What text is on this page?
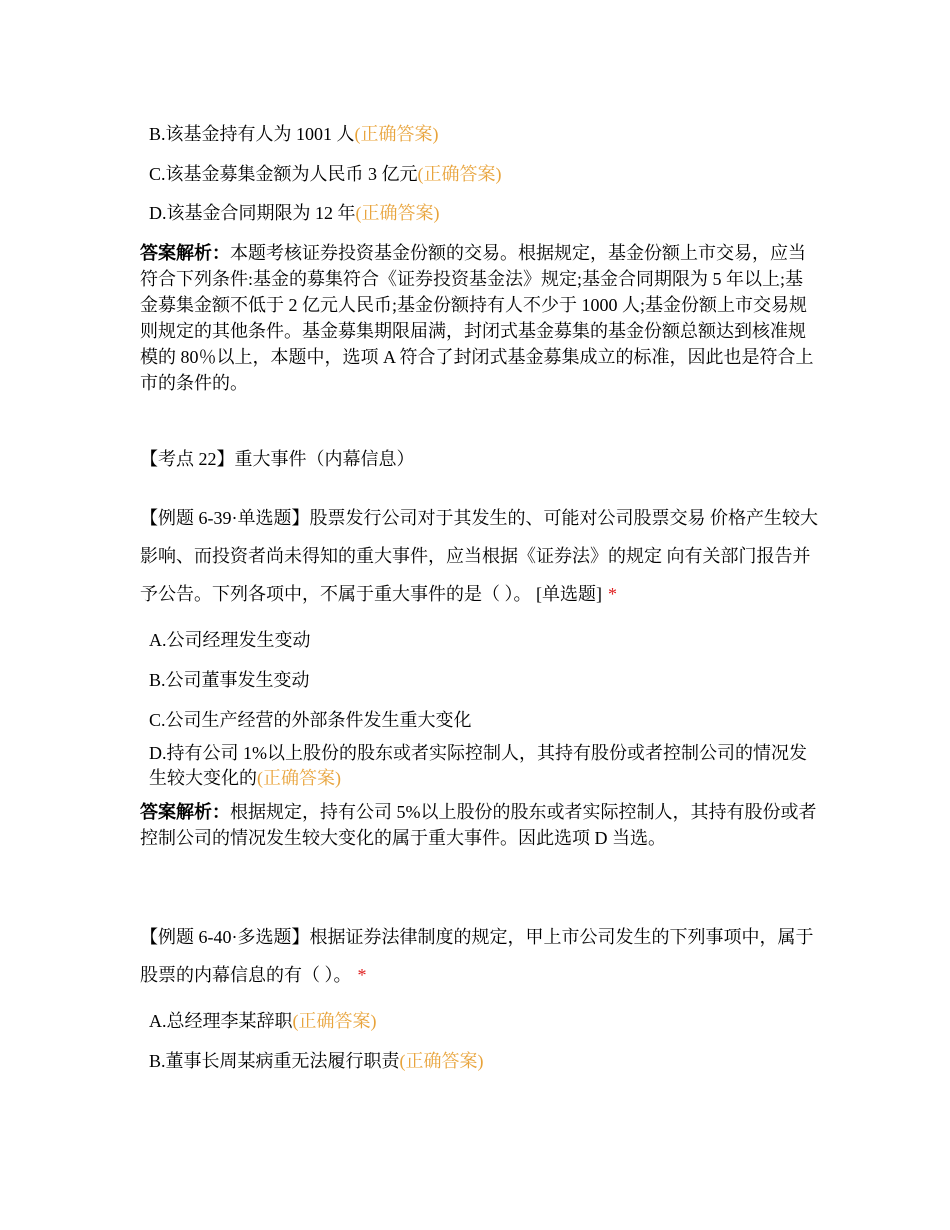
B.该基金持有人为 1001 人(正确答案)
C.该基金募集金额为人民币 3 亿元(正确答案)
D.该基金合同期限为 12 年(正确答案)
答案解析：本题考核证券投资基金份额的交易。根据规定，基金份额上市交易，应当符合下列条件:基金的募集符合《证券投资基金法》规定;基金合同期限为 5 年以上;基金募集金额不低于 2 亿元人民币;基金份额持有人不少于 1000 人;基金份额上市交易规则规定的其他条件。基金募集期限届满，封闭式基金募集的基金份额总额达到核准规模的 80％以上，本题中，选项 A 符合了封闭式基金募集成立的标准，因此也是符合上市的条件的。
【考点 22】重大事件（内幕信息）
【例题 6-39·单选题】股票发行公司对于其发生的、可能对公司股票交易 价格产生较大影响、而投资者尚未得知的重大事件，应当根据《证券法》的规定 向有关部门报告并予公告。下列各项中，不属于重大事件的是（ ）。 [单选题] *
A.公司经理发生变动
B.公司董事发生变动
C.公司生产经营的外部条件发生重大变化
D.持有公司 1%以上股份的股东或者实际控制人，其持有股份或者控制公司的情况发生较大变化的(正确答案)
答案解析：根据规定，持有公司 5%以上股份的股东或者实际控制人，其持有股份或者控制公司的情况发生较大变化的属于重大事件。因此选项 D 当选。
【例题 6-40·多选题】根据证券法律制度的规定，甲上市公司发生的下列事项中，属于股票的内幕信息的有（ ）。 *
A.总经理李某辞职(正确答案)
B.董事长周某病重无法履行职责(正确答案)
